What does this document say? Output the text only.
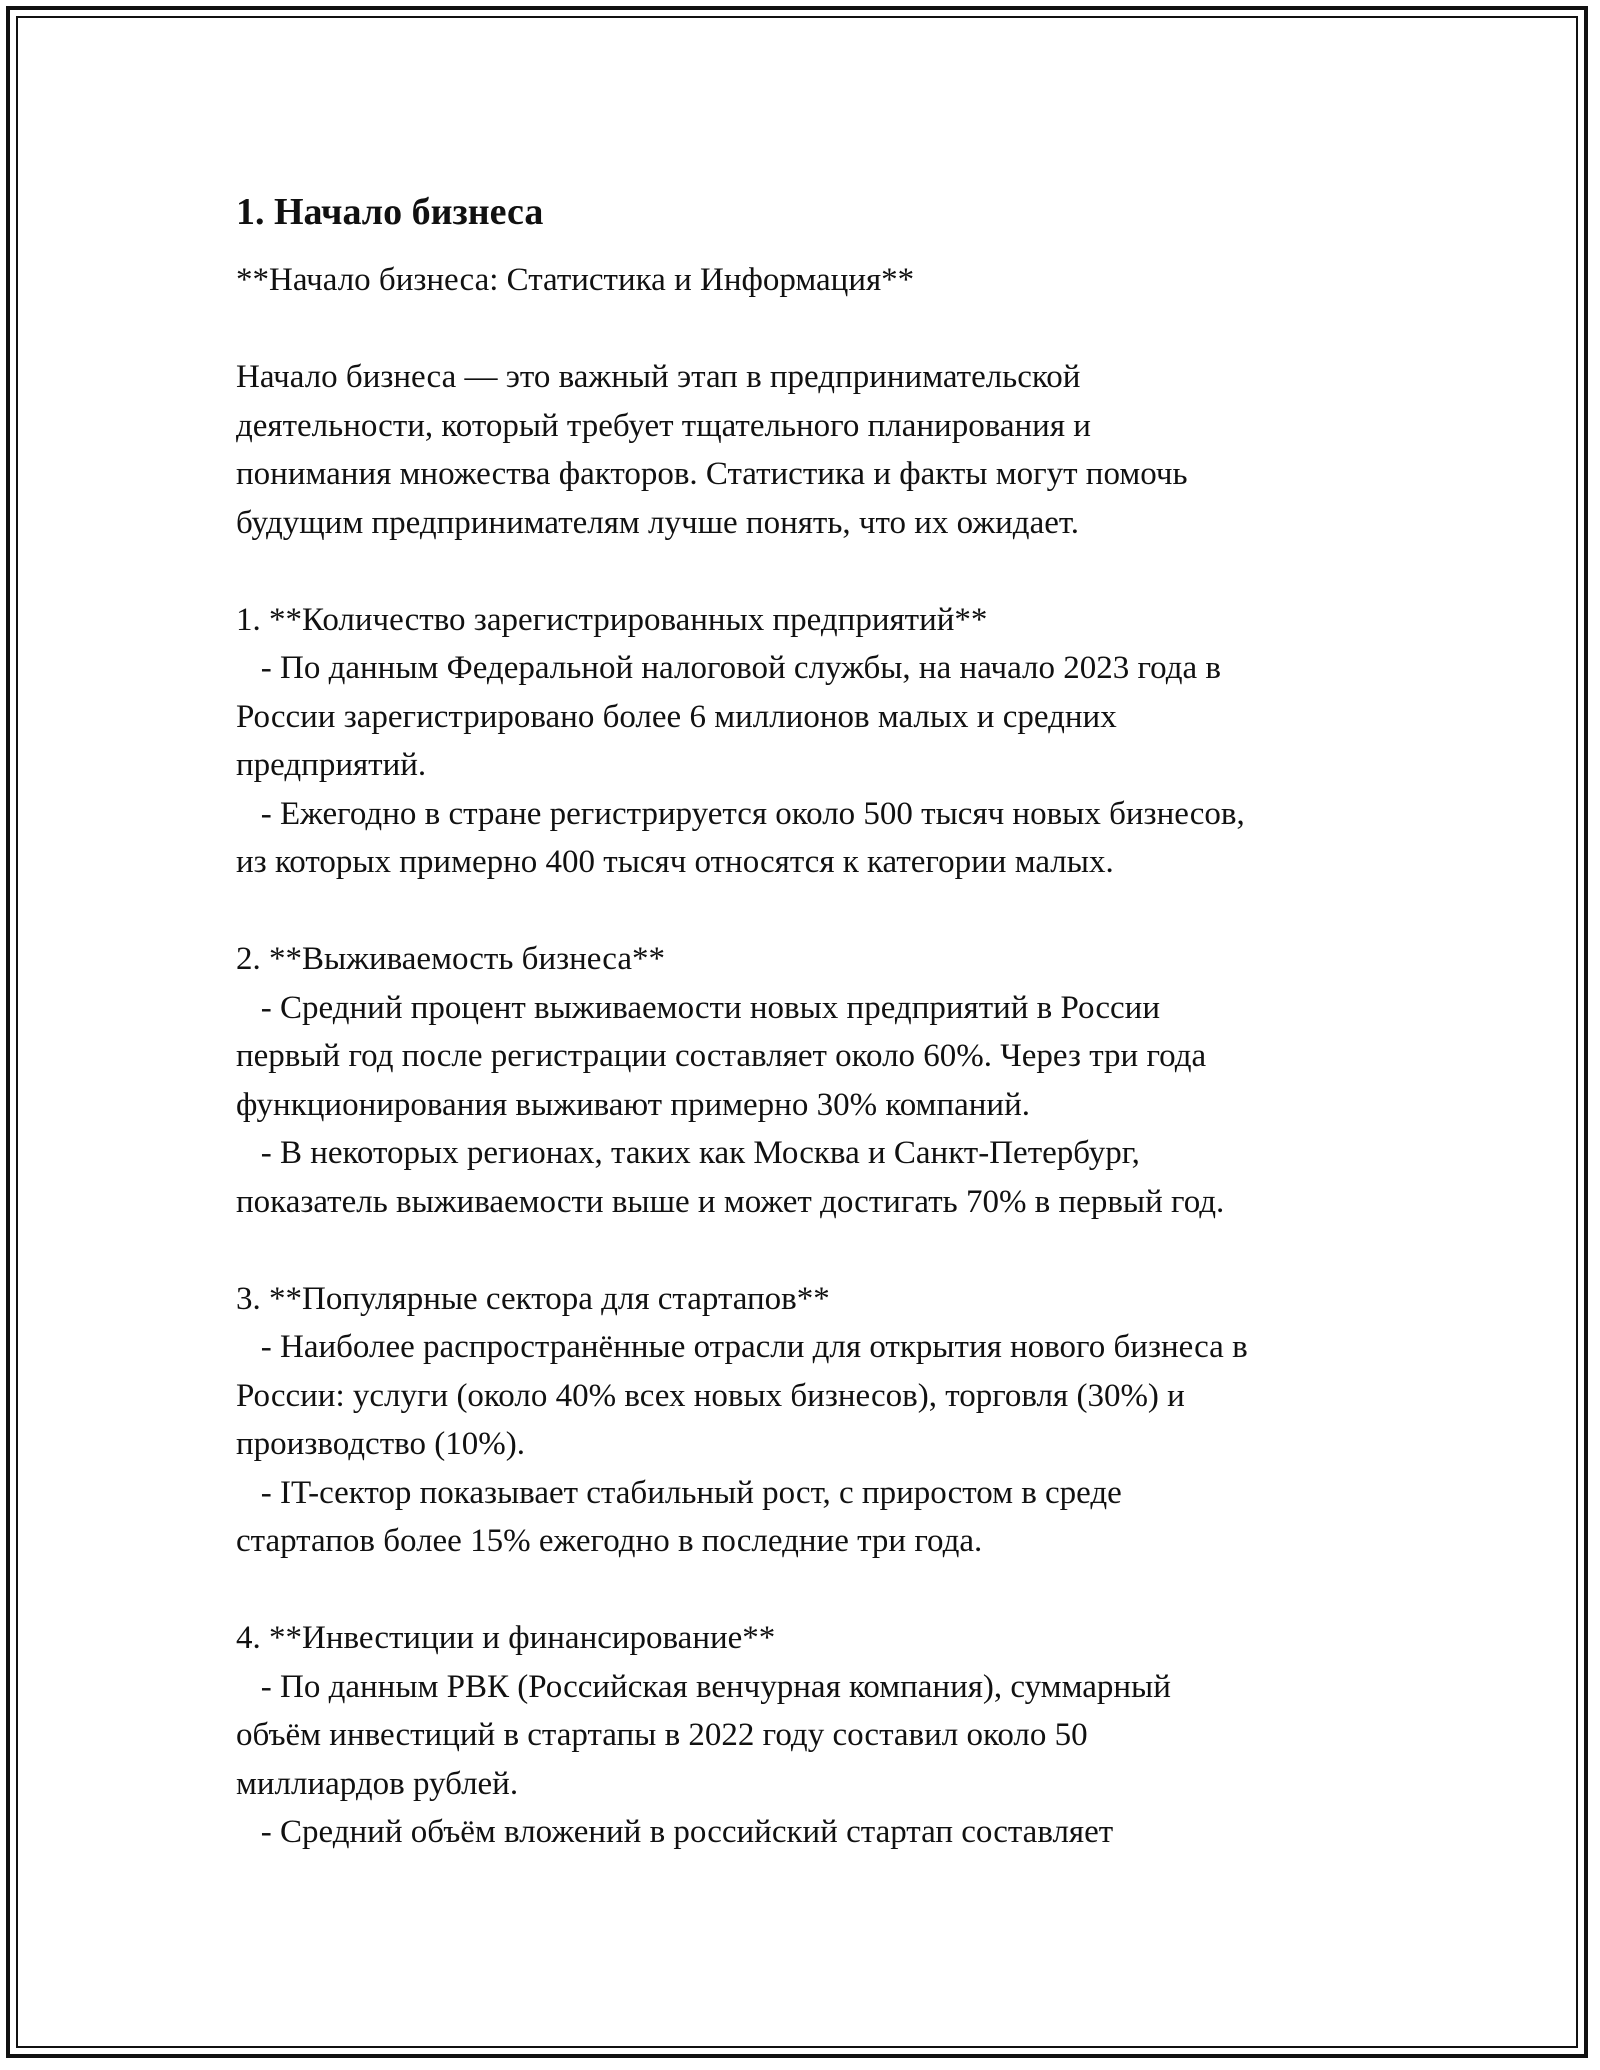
1. Начало бизнеса

**Начало бизнеса: Статистика и Информация**

Начало бизнеса — это важный этап в предпринимательской

деятельности, который требует тщательного планирования и

понимания множества факторов. Статистика и факты могут помочь

будущим предпринимателям лучше понять, что их ожидает.

1. **Количество зарегистрированных предприятий**

- По данным Федеральной налоговой службы, на начало 2023 года в

России зарегистрировано более 6 миллионов малых и средних

предприятий.

- Ежегодно в стране регистрируется около 500 тысяч новых бизнесов,

из которых примерно 400 тысяч относятся к категории малых.

2. **Выживаемость бизнеса**

- Средний процент выживаемости новых предприятий в России

первый год после регистрации составляет около 60%. Через три года

функционирования выживают примерно 30% компаний.

- В некоторых регионах, таких как Москва и Санкт-Петербург,

показатель выживаемости выше и может достигать 70% в первый год.

3. **Популярные сектора для стартапов**

- Наиболее распространённые отрасли для открытия нового бизнеса в

России: услуги (около 40% всех новых бизнесов), торговля (30%) и

производство (10%).

- IT-сектор показывает стабильный рост, с приростом в среде

стартапов более 15% ежегодно в последние три года.

4. **Инвестиции и финансирование**

- По данным РВК (Российская венчурная компания), суммарный

объём инвестиций в стартапы в 2022 году составил около 50

миллиардов рублей.

- Средний объём вложений в российский стартап составляет
